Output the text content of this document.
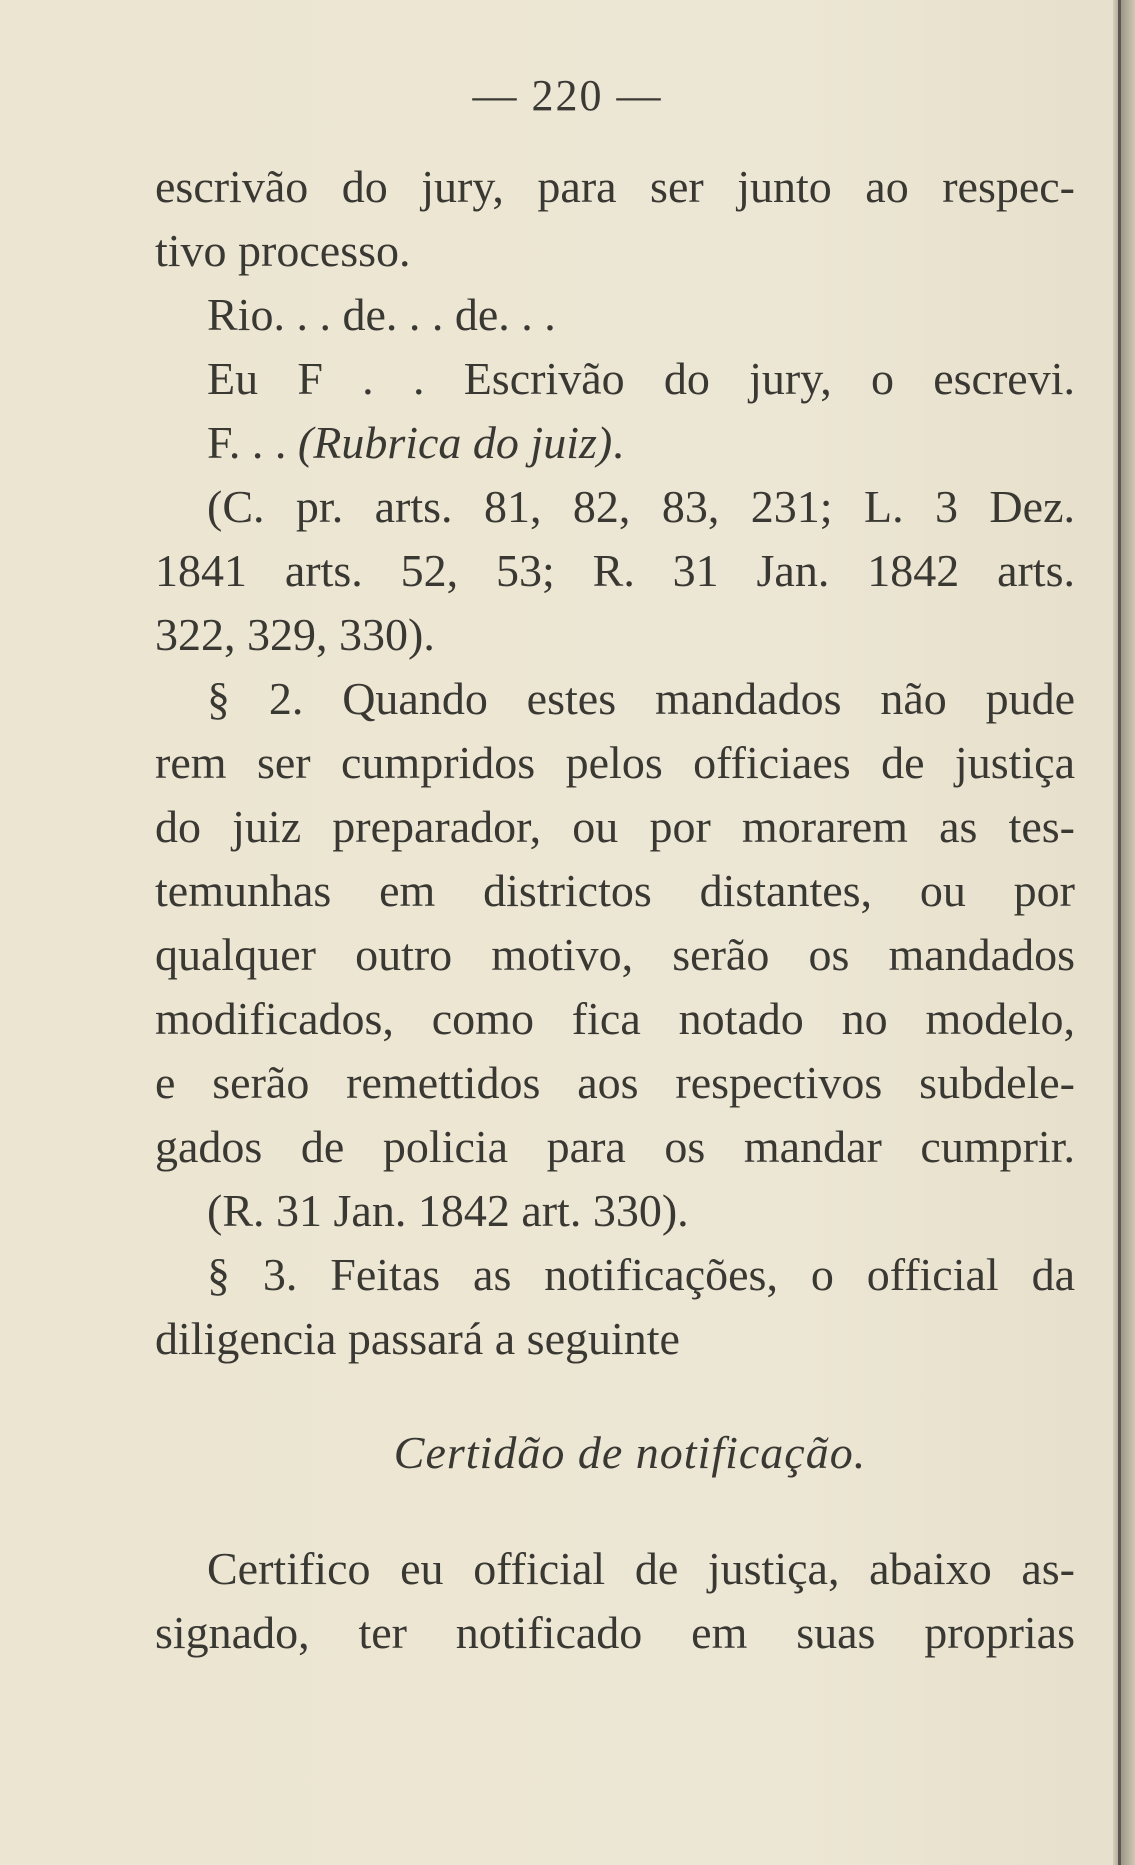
— 220 —
escrivão do jury, para ser junto ao respec-
tivo processo.
Rio. . . de. . . de. . .
Eu F . . Escrivão do jury, o escrevi.
F. . . (Rubrica do juiz).
(C. pr. arts. 81, 82, 83, 231; L. 3 Dez.
1841 arts. 52, 53; R. 31 Jan. 1842 arts.
322, 329, 330).
§ 2. Quando estes mandados não pude
rem ser cumpridos pelos officiaes de justiça
do juiz preparador, ou por morarem as tes-
temunhas em districtos distantes, ou por
qualquer outro motivo, serão os mandados
modificados, como fica notado no modelo,
e serão remettidos aos respectivos subdele-
gados de policia para os mandar cumprir.
(R. 31 Jan. 1842 art. 330).
§ 3. Feitas as notificações, o official da
diligencia passará a seguinte
Certidão de notificação.
Certifico eu official de justiça, abaixo as-
signado, ter notificado em suas proprias
